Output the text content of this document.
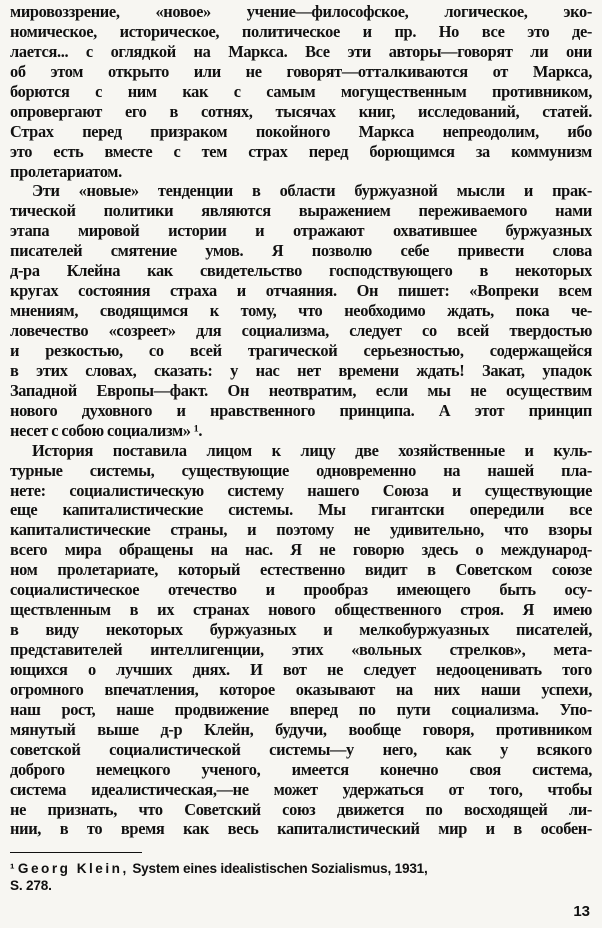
мировоззрение, «новое» учение—философское, логическое, эко-
номическое, историческое, политическое и пр. Но все это де-
лается... с оглядкой на Маркса. Все эти авторы—говорят ли они
об этом открыто или не говорят—отталкиваются от Маркса,
борются с ним как с самым могущественным противником,
опровергают его в сотнях, тысячах книг, исследований, статей.
Страх перед призраком покойного Маркса непреодолим, ибо
это есть вместе с тем страх перед борющимся за коммунизм
пролетариатом.
Эти «новые» тенденции в области буржуазной мысли и прак-
тической политики являются выражением переживаемого нами
этапа мировой истории и отражают охватившее буржуазных
писателей смятение умов. Я позволю себе привести слова
д-ра Клейна как свидетельство господствующего в некоторых
кругах состояния страха и отчаяния. Он пишет: «Вопреки всем
мнениям, сводящимся к тому, что необходимо ждать, пока че-
ловечество «созреет» для социализма, следует со всей твердостью
и резкостью, со всей трагической серьезностью, содержащейся
в этих словах, сказать: у нас нет времени ждать! Закат, упадок
Западной Европы—факт. Он неотвратим, если мы не осуществим
нового духовного и нравственного принципа. А этот принцип
несет с собою социализм» ¹.
История поставила лицом к лицу две хозяйственные и куль-
турные системы, существующие одновременно на нашей пла-
нете: социалистическую систему нашего Союза и существующие
еще капиталистические системы. Мы гигантски опередили все
капиталистические страны, и поэтому не удивительно, что взоры
всего мира обращены на нас. Я не говорю здесь о международ-
ном пролетариате, который естественно видит в Советском союзе
социалистическое отечество и прообраз имеющего быть осу-
ществленным в их странах нового общественного строя. Я имею
в виду некоторых буржуазных и мелкобуржуазных писателей,
представителей интеллигенции, этих «вольных стрелков», мета-
ющихся о лучших днях. И вот не следует недооценивать того
огромного впечатления, которое оказывают на них наши успехи,
наш рост, наше продвижение вперед по пути социализма. Упо-
мянутый выше д-р Клейн, будучи, вообще говоря, противником
советской социалистической системы—у него, как у всякого
доброго немецкого ученого, имеется конечно своя система,
система идеалистическая,—не может удержаться от того, чтобы
не признать, что Советский союз движется по восходящей ли-
нии, в то время как весь капиталистический мир и в особен-
¹ Georg Klein, System eines idealistischen Sozialismus, 1931,
S. 278.
13
